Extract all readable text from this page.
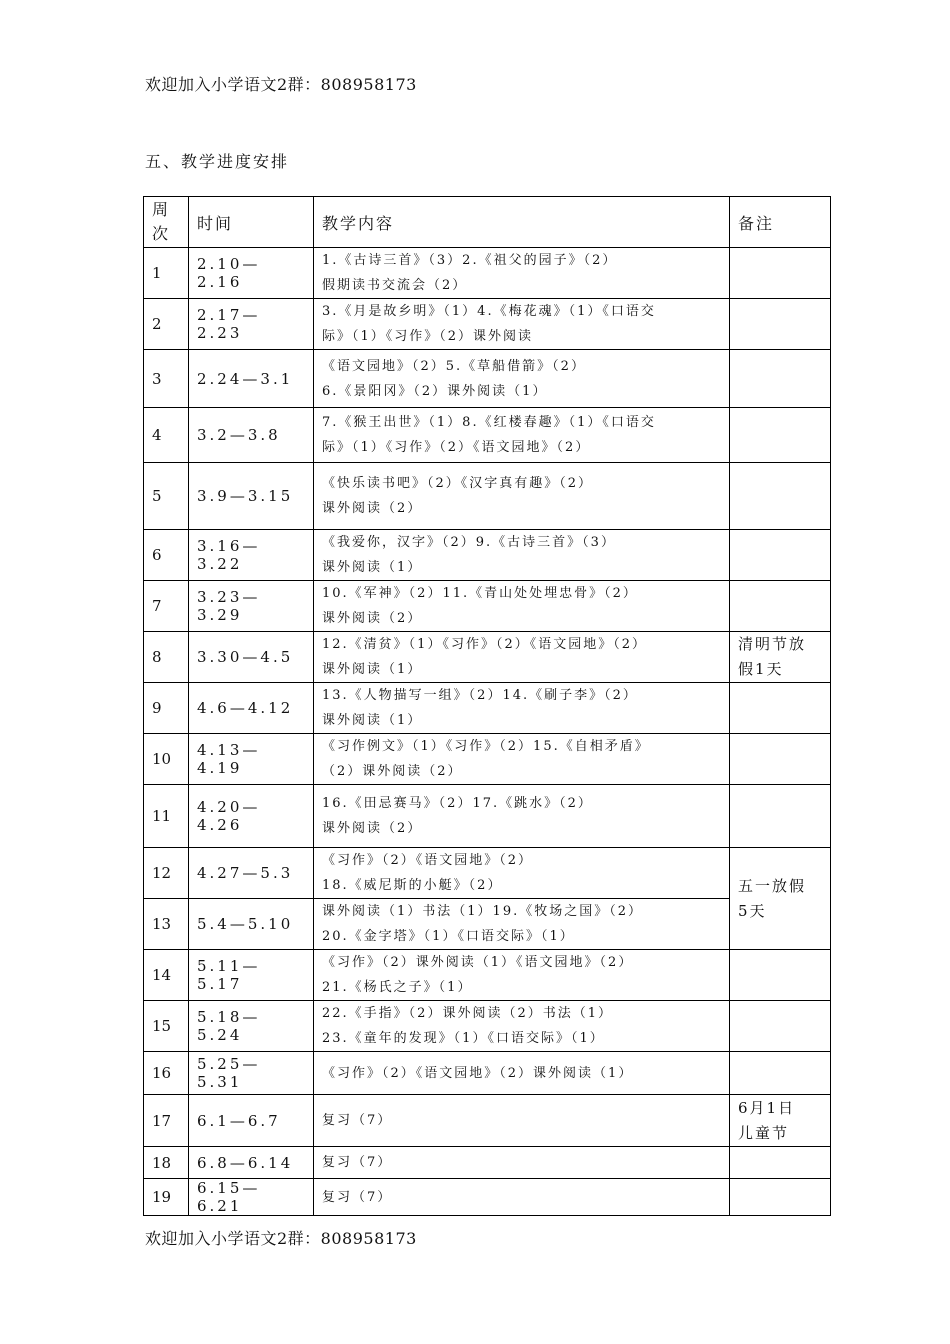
欢迎加入小学语文2群：808958173
五、教学进度安排
周次	时间	教学内容	备注
1	2.10—2.16	1.《古诗三首》（3）2.《祖父的园子》（2）
假期读书交流会（2）	

2	2.17—2.23	3.《月是故乡明》（1）4.《梅花魂》（1）《口语交
际》（1）《习作》（2）课外阅读	

3	2.24—3.1	《语文园地》（2）5.《草船借箭》（2）
6.《景阳冈》（2）课外阅读（1）	

4	3.2—3.8	7.《猴王出世》（1）8.《红楼春趣》（1）《口语交
际》（1）《习作》（2）《语文园地》（2）	

5	3.9—3.15	《快乐读书吧》（2）《汉字真有趣》（2）
课外阅读（2）	

6	3.16—3.22	《我爱你，汉字》（2）9.《古诗三首》（3）
课外阅读（1）	

7	3.23—3.29	10.《军神》（2）11.《青山处处埋忠骨》（2）
课外阅读（2）	

8	3.30—4.5	12.《清贫》（1）《习作》（2）《语文园地》（2）
课外阅读（1）	清明节放
假1天

9	4.6—4.12	13.《人物描写一组》（2）14.《刷子李》（2）
课外阅读（1）	

10	4.13—4.19	《习作例文》（1）《习作》（2）15.《自相矛盾》
（2）课外阅读（2）	

11	4.20—4.26	16.《田忌赛马》（2）17.《跳水》（2）
课外阅读（2）	

12	4.27—5.3	《习作》（2）《语文园地》（2）
18.《威尼斯的小艇》（2）	五一放假
5天

13	5.4—5.10	课外阅读（1）书法（1）19.《牧场之国》（2）
20.《金字塔》（1）《口语交际》（1）	

14	5.11—5.17	《习作》（2）课外阅读（1）《语文园地》（2）
21.《杨氏之子》（1）	

15	5.18—5.24	22.《手指》（2）课外阅读（2）书法（1）
23.《童年的发现》（1）《口语交际》（1）	

16	5.25—5.31	《习作》（2）《语文园地》（2）课外阅读（1）	

17	6.1—6.7	复习（7）	6月1日
儿童节

18	6.8—6.14	复习（7）	

19	6.15—6.21	复习（7）	

欢迎加入小学语文2群：808958173
